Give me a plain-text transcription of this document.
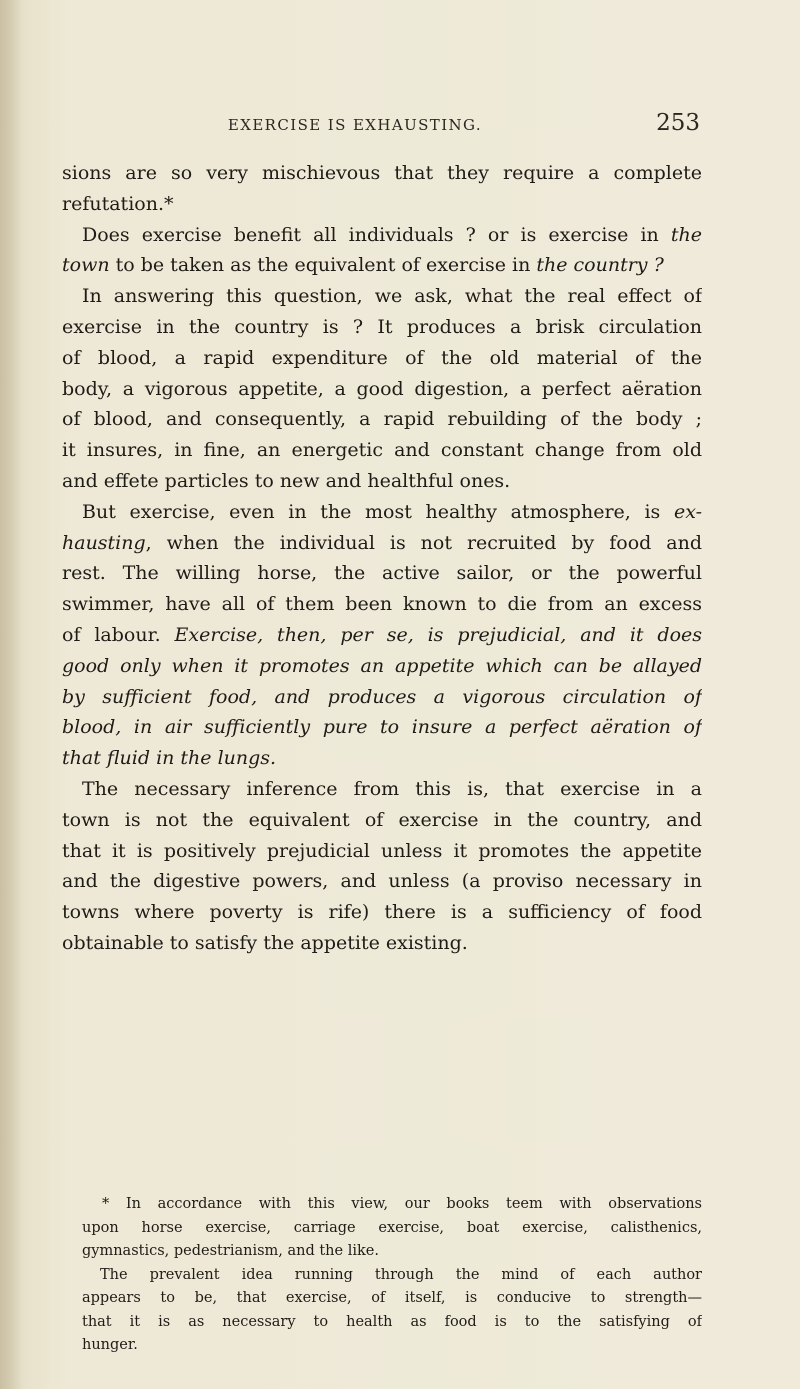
EXERCISE IS EXHAUSTING.	253
sions are so very mischievous that they require a complete
refutation.*
Does exercise benefit all individuals ? or is exercise in the
town to be taken as the equivalent of exercise in the country ?
In answering this question, we ask, what the real effect of
exercise in the country is ? It produces a brisk circulation
of blood, a rapid expenditure of the old material of the
body, a vigorous appetite, a good digestion, a perfect aëration
of blood, and consequently, a rapid rebuilding of the body ;
it insures, in fine, an energetic and constant change from old
and effete particles to new and healthful ones.
But exercise, even in the most healthy atmosphere, is ex-
hausting, when the individual is not recruited by food and
rest. The willing horse, the active sailor, or the powerful
swimmer, have all of them been known to die from an excess
of labour. Exercise, then, per se, is prejudicial, and it does
good only when it promotes an appetite which can be allayed
by sufficient food, and produces a vigorous circulation of
blood, in air sufficiently pure to insure a perfect aëration of
that fluid in the lungs.
The necessary inference from this is, that exercise in a
town is not the equivalent of exercise in the country, and
that it is positively prejudicial unless it promotes the appetite
and the digestive powers, and unless (a proviso necessary in
towns where poverty is rife) there is a sufficiency of food
obtainable to satisfy the appetite existing.
* In accordance with this view, our books teem with observations
upon horse exercise, carriage exercise, boat exercise, calisthenics,
gymnastics, pedestrianism, and the like.
The prevalent idea running through the mind of each author
appears to be, that exercise, of itself, is conducive to strength—
that it is as necessary to health as food is to the satisfying of
hunger.
